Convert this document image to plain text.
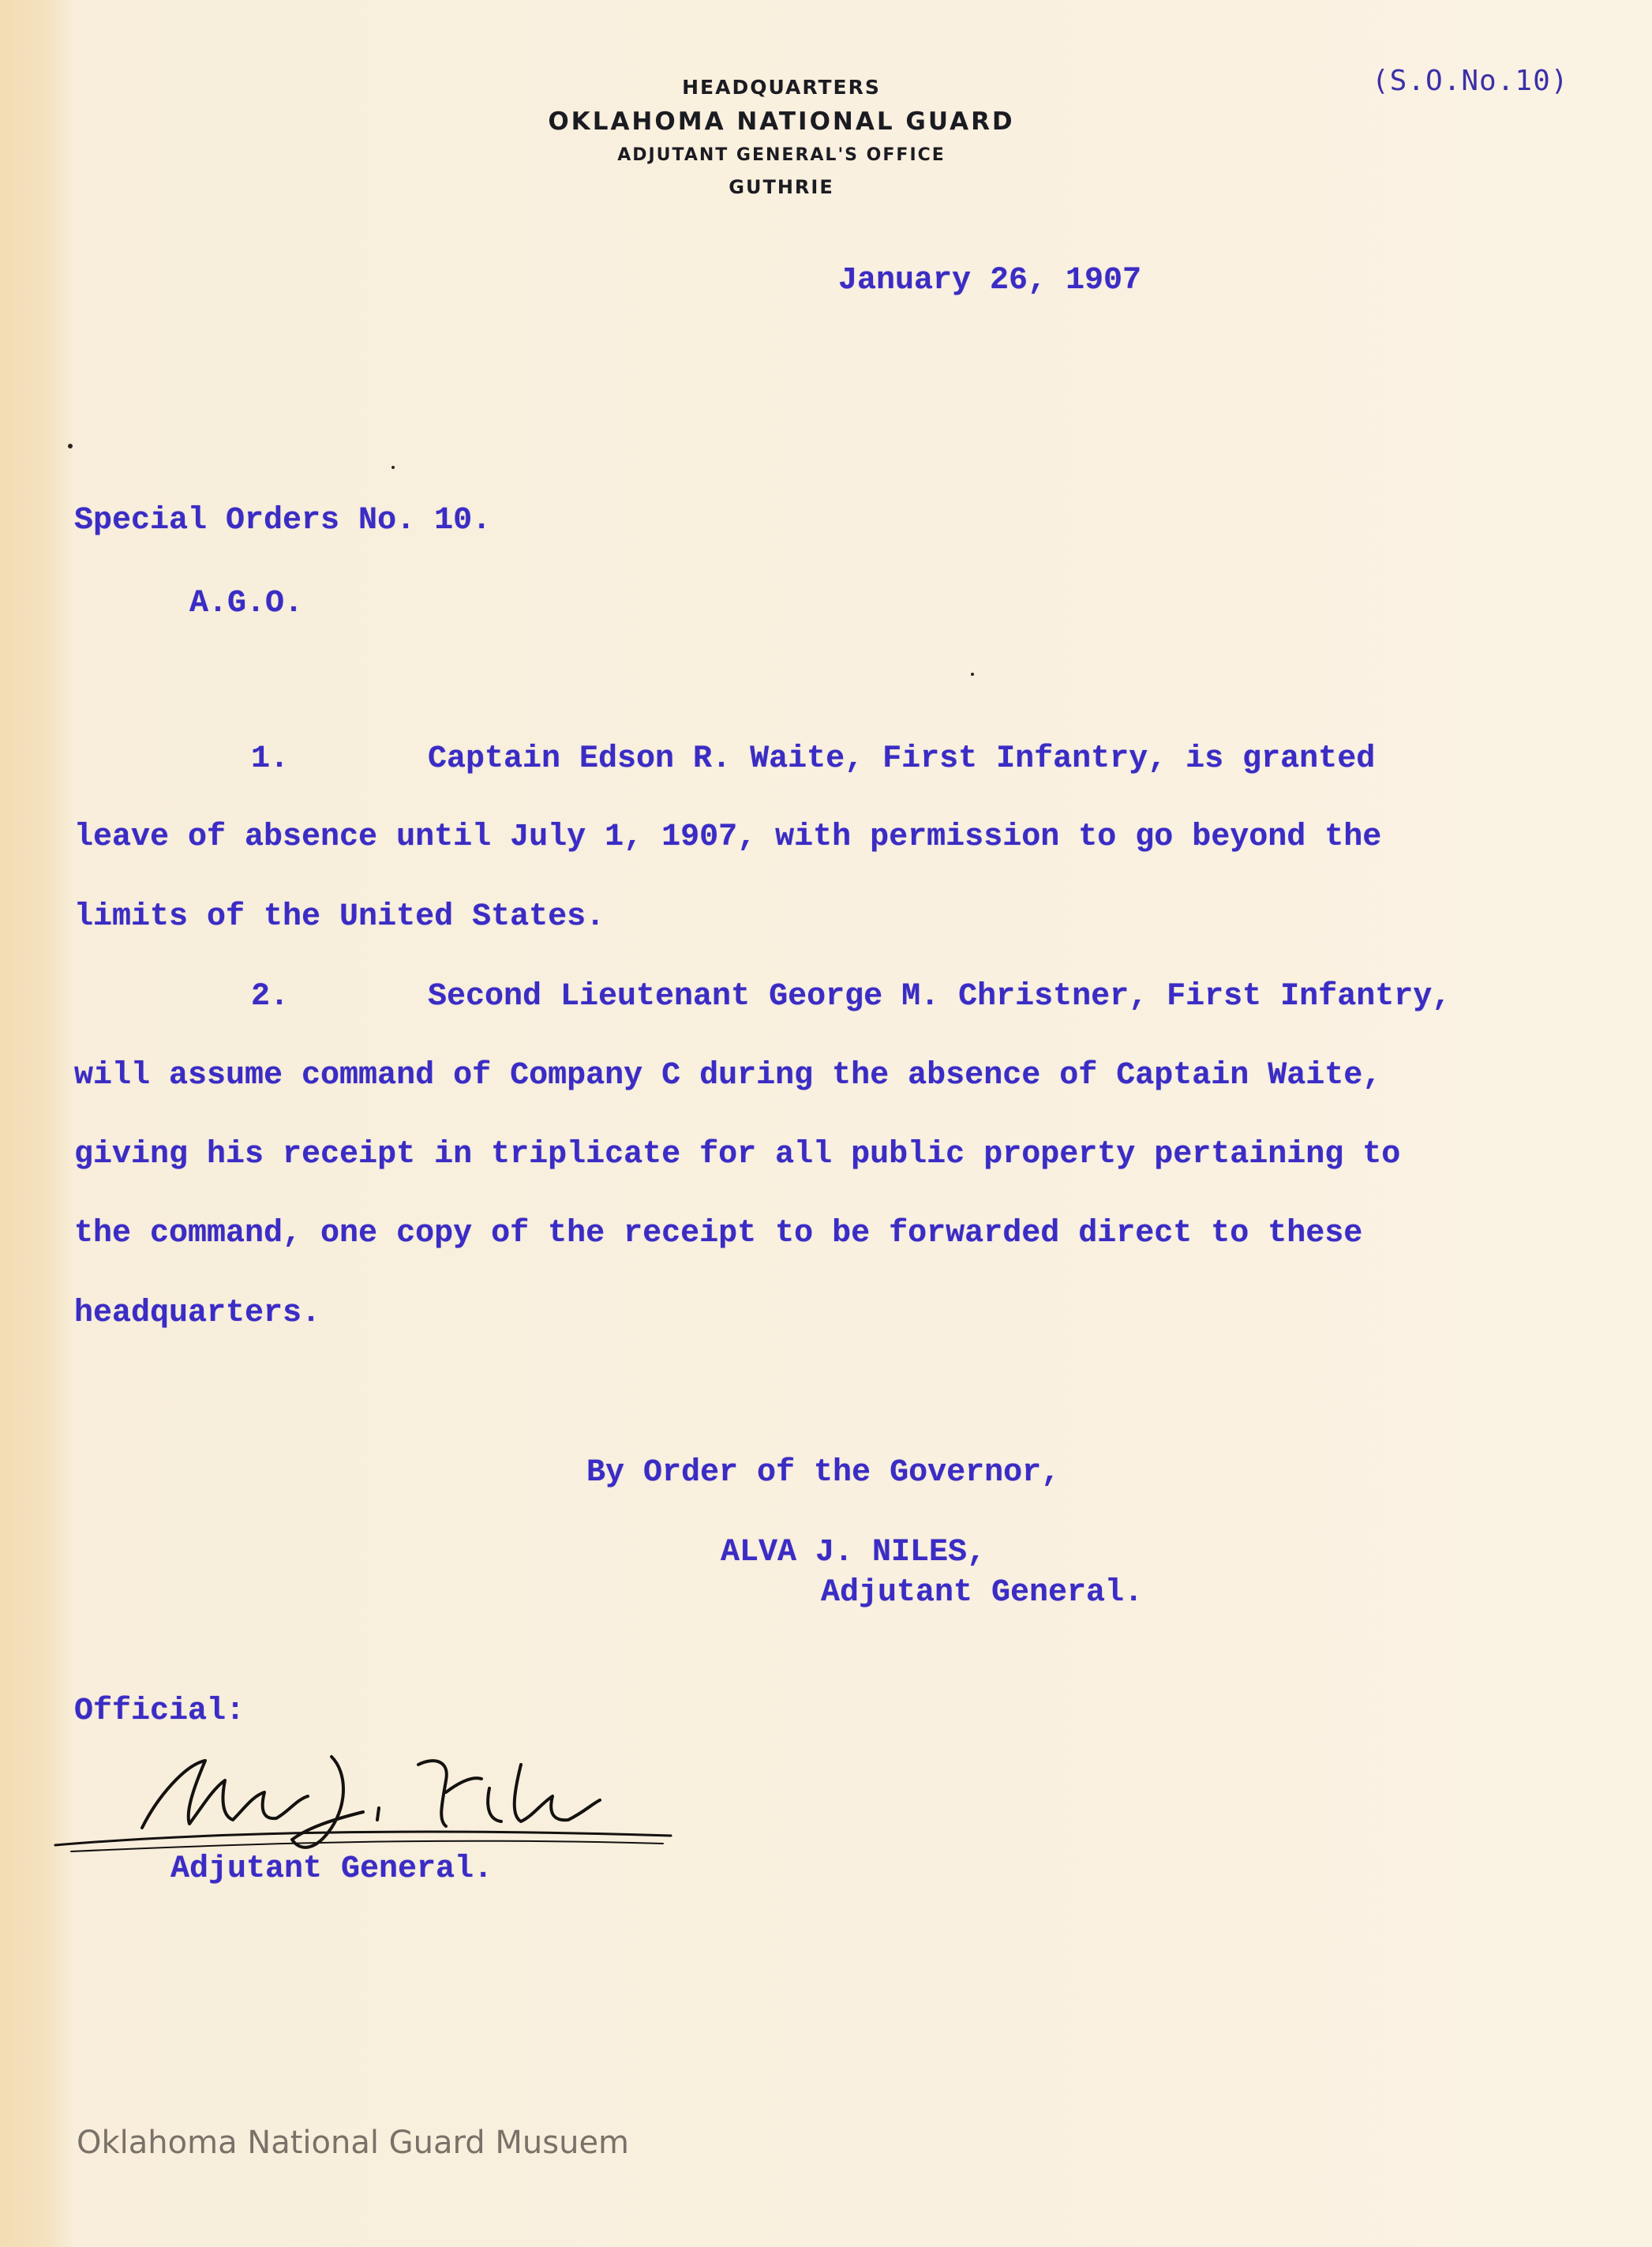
HEADQUARTERS
OKLAHOMA NATIONAL GUARD
ADJUTANT GENERAL'S OFFICE
GUTHRIE
(S.O.No.10)
January 26, 1907
Special Orders No. 10.
A.G.O.
1.	Captain Edson R. Waite, First Infantry, is granted
leave of absence until July 1, 1907, with permission to go beyond the
limits of the United States.
2.	Second Lieutenant George M. Christner, First Infantry,
will assume command of Company C during the absence of Captain Waite,
giving his receipt in triplicate for all public property pertaining to
the command, one copy of the receipt to be forwarded direct to these
headquarters.
By Order of the Governor,
ALVA J. NILES,
Adjutant General.
Official:
Adjutant General.
Oklahoma National Guard Musuem
